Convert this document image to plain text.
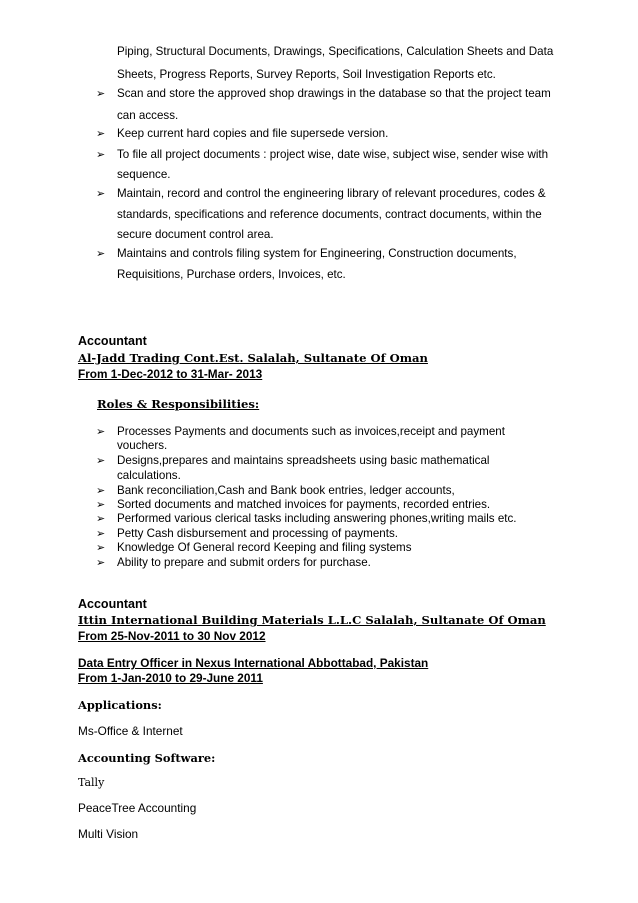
Piping, Structural Documents, Drawings, Specifications, Calculation Sheets and Data
Sheets, Progress Reports, Survey Reports, Soil Investigation Reports etc.
➢	Scan and store the approved shop drawings in the database so that the project team
can access.
➢	Keep current hard copies and file supersede version.
➢	To file all project documents : project wise, date wise, subject wise, sender wise with
sequence.
➢	Maintain, record and control the engineering library of relevant procedures, codes &
standards, specifications and reference documents, contract documents, within the
secure document control area.
➢	Maintains and controls filing system for Engineering, Construction documents,
Requisitions, Purchase orders, Invoices, etc.
Accountant
Al-Jadd Trading Cont.Est. Salalah, Sultanate Of Oman
From 1-Dec-2012 to 31-Mar- 2013
Roles & Responsibilities:
➢ Processes Payments and documents such as invoices,receipt and payment
vouchers.
➢ Designs,prepares and maintains spreadsheets using basic mathematical
calculations.
➢ Bank reconciliation,Cash and Bank book entries, ledger accounts,
➢ Sorted documents and matched invoices for payments, recorded entries.
➢ Performed various clerical tasks including answering phones,writing mails etc.
➢ Petty Cash disbursement and processing of payments.
➢ Knowledge Of General record Keeping and filing systems
➢ Ability to prepare and submit orders for purchase.
Accountant
Ittin International Building Materials L.L.C Salalah, Sultanate Of Oman
From 25-Nov-2011 to 30 Nov 2012
Data Entry Officer in Nexus International Abbottabad, Pakistan
From 1-Jan-2010 to 29-June 2011
Applications:
Ms-Office & Internet
Accounting Software:
Tally
PeaceTree Accounting
Multi Vision
